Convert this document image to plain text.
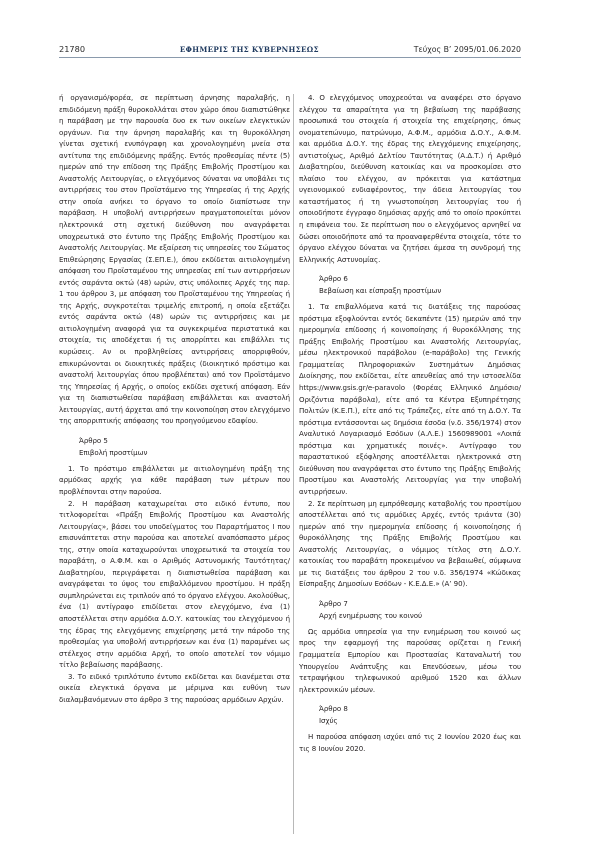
21780	ΕΦΗΜΕΡΙΣ ΤΗΣ ΚΥΒΕΡΝΗΣΕΩΣ	Τεύχος Β’ 2095/01.06.2020

ή οργανισμό/φορέα, σε περίπτωση άρνησης παραλαβής, η επιδιδόμενη πράξη θυροκολλάται στον χώρο όπου διαπιστώθηκε η παράβαση με την παρουσία δυο εκ των οικείων ελεγκτικών οργάνων. Για την άρνηση παραλαβής και τη θυροκόλληση γίνεται σχετική ενυπόγραφη και χρονολογημένη μνεία στα αντίτυπα της επιδιδόμενης πράξης. Εντός προθεσμίας πέντε (5) ημερών από την επίδοση της Πράξης Επιβολής Προστίμου και Αναστολής Λειτουργίας, ο ελεγχόμενος δύναται να υποβάλει τις αντιρρήσεις του στον Προϊστάμενο της Υπηρεσίας ή της Αρχής στην οποία ανήκει το όργανο το οποίο διαπίστωσε την παράβαση. Η υποβολή αντιρρήσεων πραγματοποιείται μόνον ηλεκτρονικά στη σχετική διεύθυνση που αναγράφεται υποχρεωτικά στο έντυπο της Πράξης Επιβολής Προστίμου και Αναστολής Λειτουργίας. Με εξαίρεση τις υπηρεσίες του Σώματος Επιθεώρησης Εργασίας (Σ.ΕΠ.Ε.), όπου εκδίδεται αιτιολογημένη απόφαση του Προϊσταμένου της υπηρεσίας επί των αντιρρήσεων εντός σαράντα οκτώ (48) ωρών, στις υπόλοιπες Αρχές της παρ. 1 του άρθρου 3, με απόφαση του Προϊσταμένου της Υπηρεσίας ή της Αρχής, συγκροτείται τριμελής επιτροπή, η οποία εξετάζει εντός σαράντα οκτώ (48) ωρών τις αντιρρήσεις και με αιτιολογημένη αναφορά για τα συγκεκριμένα περιστατικά και στοιχεία, τις αποδέχεται ή τις απορρίπτει και επιβάλλει τις κυρώσεις. Αν οι προβληθείσες αντιρρήσεις απορριφθούν, επικυρώνονται οι διοικητικές πράξεις (διοικητικό πρόστιμο και αναστολή λειτουργίας όπου προβλέπεται) από τον Προϊστάμενο της Υπηρεσίας ή Αρχής, ο οποίος εκδίδει σχετική απόφαση. Εάν για τη διαπιστωθείσα παράβαση επιβάλλεται και αναστολή λειτουργίας, αυτή άρχεται από την κοινοποίηση στον ελεγχόμενο της απορριπτικής απόφασης του προηγούμενου εδαφίου.

Άρθρο 5
Επιβολή προστίμων

1. Το πρόστιμο επιβάλλεται με αιτιολογημένη πράξη της αρμόδιας αρχής για κάθε παράβαση των μέτρων που προβλέπονται στην παρούσα.

2. Η παράβαση καταχωρείται στο ειδικό έντυπο, που τιτλοφορείται «Πράξη Επιβολής Προστίμου και Αναστολής Λειτουργίας», βάσει του υποδείγματος του Παραρτήματος Ι που επισυνάπτεται στην παρούσα και αποτελεί αναπόσπαστο μέρος της, στην οποία καταχωρούνται υποχρεωτικά τα στοιχεία του παραβάτη, ο Α.Φ.Μ. και ο Αριθμός Αστυνομικής Ταυτότητας/Διαβατηρίου, περιγράφεται η διαπιστωθείσα παράβαση και αναγράφεται το ύψος του επιβαλλόμενου προστίμου. Η πράξη συμπληρώνεται εις τριπλούν από το όργανο ελέγχου. Ακολούθως, ένα (1) αντίγραφο επιδίδεται στον ελεγχόμενο, ένα (1) αποστέλλεται στην αρμόδια Δ.Ο.Υ. κατοικίας του ελεγχόμενου ή της έδρας της ελεγχόμενης επιχείρησης μετά την πάροδο της προθεσμίας για υποβολή αντιρρήσεων και ένα (1) παραμένει ως στέλεχος στην αρμόδια Αρχή, το οποίο αποτελεί τον νόμιμο τίτλο βεβαίωσης παράβασης.

3. Το ειδικό τριπλότυπο έντυπο εκδίδεται και διανέμεται στα οικεία ελεγκτικά όργανα με μέριμνα και ευθύνη των διαλαμβανόμενων στο άρθρο 3 της παρούσας αρμόδιων Αρχών.

4. Ο ελεγχόμενος υποχρεούται να αναφέρει στο όργανο ελέγχου τα απαραίτητα για τη βεβαίωση της παράβασης προσωπικά του στοιχεία ή στοιχεία της επιχείρησης, όπως ονοματεπώνυμο, πατρώνυμο, Α.Φ.Μ., αρμόδια Δ.Ο.Υ., Α.Φ.Μ. και αρμόδια Δ.Ο.Υ. της έδρας της ελεγχόμενης επιχείρησης, αντιστοίχως, Αριθμό Δελτίου Ταυτότητας (Α.Δ.Τ.) ή Αριθμό Διαβατηρίου, διεύθυνση κατοικίας και να προσκομίσει στο πλαίσιο του ελέγχου, αν πρόκειται για κατάστημα υγειονομικού ενδιαφέροντος, την άδεια λειτουργίας του καταστήματος ή τη γνωστοποίηση λειτουργίας του ή οποιοδήποτε έγγραφο δημόσιας αρχής από το οποίο προκύπτει η επιφάνεια του. Σε περίπτωση που ο ελεγχόμενος αρνηθεί να δώσει οποιοδήποτε από τα προαναφερθέντα στοιχεία, τότε το όργανο ελέγχου δύναται να ζητήσει άμεσα τη συνδρομή της Ελληνικής Αστυνομίας.

Άρθρο 6
Βεβαίωση και είσπραξη προστίμων

1. Τα επιβαλλόμενα κατά τις διατάξεις της παρούσας πρόστιμα εξοφλούνται εντός δεκαπέντε (15) ημερών από την ημερομηνία επίδοσης ή κοινοποίησης ή θυροκόλλησης της Πράξης Επιβολής Προστίμου και Αναστολής Λειτουργίας, μέσω ηλεκτρονικού παράβολου (e-παράβολο) της Γενικής Γραμματείας Πληροφοριακών Συστημάτων Δημόσιας Διοίκησης, που εκδίδεται, είτε απευθείας από την ιστοσελίδα https://www.gsis.gr/e-paravolo (Φορέας Ελληνικό Δημόσιο/Οριζόντια παράβολα), είτε από τα Κέντρα Εξυπηρέτησης Πολιτών (Κ.Ε.Π.), είτε από τις Τράπεζες, είτε από τη Δ.Ο.Υ. Τα πρόστιμα εντάσσονται ως δημόσια έσοδα (ν.δ. 356/1974) στον Αναλυτικό Λογαριασμό Εσόδων (Α.Λ.Ε.) 1560989001 «Λοιπά πρόστιμα και χρηματικές ποινές». Αντίγραφο του παραστατικού εξόφλησης αποστέλλεται ηλεκτρονικά στη διεύθυνση που αναγράφεται στο έντυπο της Πράξης Επιβολής Προστίμου και Αναστολής Λειτουργίας για την υποβολή αντιρρήσεων.

2. Σε περίπτωση μη εμπρόθεσμης καταβολής του προστίμου αποστέλλεται από τις αρμόδιες Αρχές, εντός τριάντα (30) ημερών από την ημερομηνία επίδοσης ή κοινοποίησης ή θυροκόλλησης της Πράξης Επιβολής Προστίμου και Αναστολής Λειτουργίας, ο νόμιμος τίτλος στη Δ.Ο.Υ. κατοικίας του παραβάτη προκειμένου να βεβαιωθεί, σύμφωνα με τις διατάξεις του άρθρου 2 του ν.δ. 356/1974 «Κώδικας Είσπραξης Δημοσίων Εσόδων - Κ.Ε.Δ.Ε.» (Α’ 90).

Άρθρο 7
Αρχή ενημέρωσης του κοινού

Ως αρμόδια υπηρεσία για την ενημέρωση του κοινού ως προς την εφαρμογή της παρούσας ορίζεται η Γενική Γραμματεία Εμπορίου και Προστασίας Καταναλωτή του Υπουργείου Ανάπτυξης και Επενδύσεων, μέσω του τετραψήφιου τηλεφωνικού αριθμού 1520 και άλλων ηλεκτρονικών μέσων.

Άρθρο 8
Ισχύς

Η παρούσα απόφαση ισχύει από τις 2 Ιουνίου 2020 έως και τις 8 Ιουνίου 2020.
